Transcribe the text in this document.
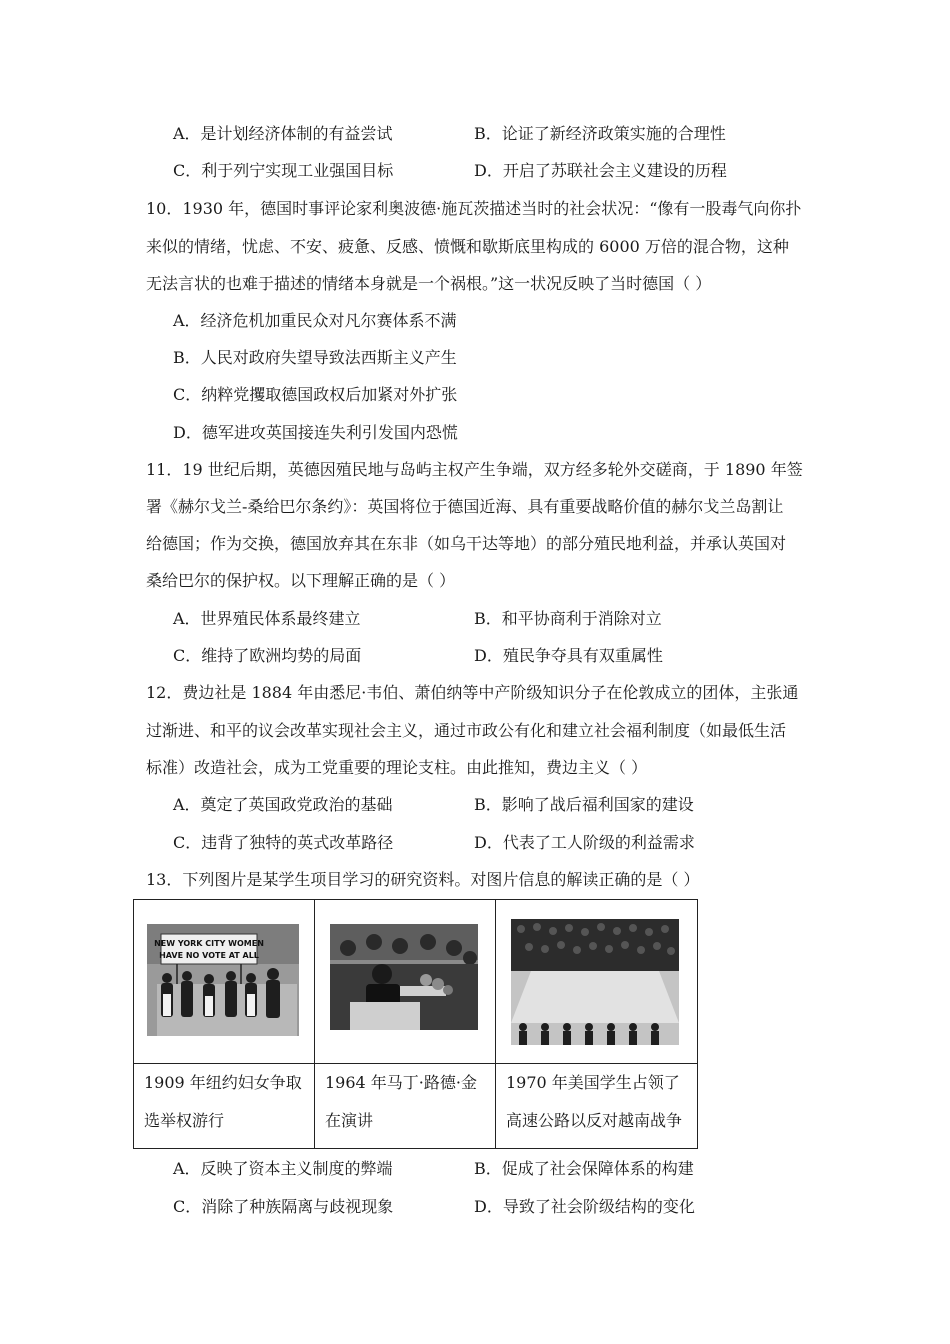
A．是计划经济体制的有益尝试	B．论证了新经济政策实施的合理性
C．利于列宁实现工业强国目标	D．开启了苏联社会主义建设的历程
10．1930 年，德国时事评论家利奥波德·施瓦茨描述当时的社会状况：“像有一股毒气向你扑
来似的情绪，忧虑、不安、疲惫、反感、愤慨和歇斯底里构成的 6000 万倍的混合物，这种
无法言状的也难于描述的情绪本身就是一个祸根。”这一状况反映了当时德国（ ）
A．经济危机加重民众对凡尔赛体系不满
B．人民对政府失望导致法西斯主义产生
C．纳粹党攫取德国政权后加紧对外扩张
D．德军进攻英国接连失利引发国内恐慌
11．19 世纪后期，英德因殖民地与岛屿主权产生争端，双方经多轮外交磋商，于 1890 年签
署《赫尔戈兰-桑给巴尔条约》：英国将位于德国近海、具有重要战略价值的赫尔戈兰岛割让
给德国；作为交换，德国放弃其在东非（如乌干达等地）的部分殖民地利益，并承认英国对
桑给巴尔的保护权。以下理解正确的是（ ）
A．世界殖民体系最终建立	B．和平协商利于消除对立
C．维持了欧洲均势的局面	D．殖民争夺具有双重属性
12．费边社是 1884 年由悉尼·韦伯、萧伯纳等中产阶级知识分子在伦敦成立的团体，主张通
过渐进、和平的议会改革实现社会主义，通过市政公有化和建立社会福利制度（如最低生活
标准）改造社会，成为工党重要的理论支柱。由此推知，费边主义（ ）
A．奠定了英国政党政治的基础	B．影响了战后福利国家的建设
C．违背了独特的英式改革路径	D．代表了工人阶级的利益需求
13．下列图片是某学生项目学习的研究资料。对图片信息的解读正确的是（ ）
NEW YORK CITY WOMEN
HAVE NO VOTE AT ALL

1909 年纽约妇女争取选举权游行	1964 年马丁·路德·金在演讲	1970 年美国学生占领了高速公路以反对越南战争
A．反映了资本主义制度的弊端	B．促成了社会保障体系的构建
C．消除了种族隔离与歧视现象	D．导致了社会阶级结构的变化
